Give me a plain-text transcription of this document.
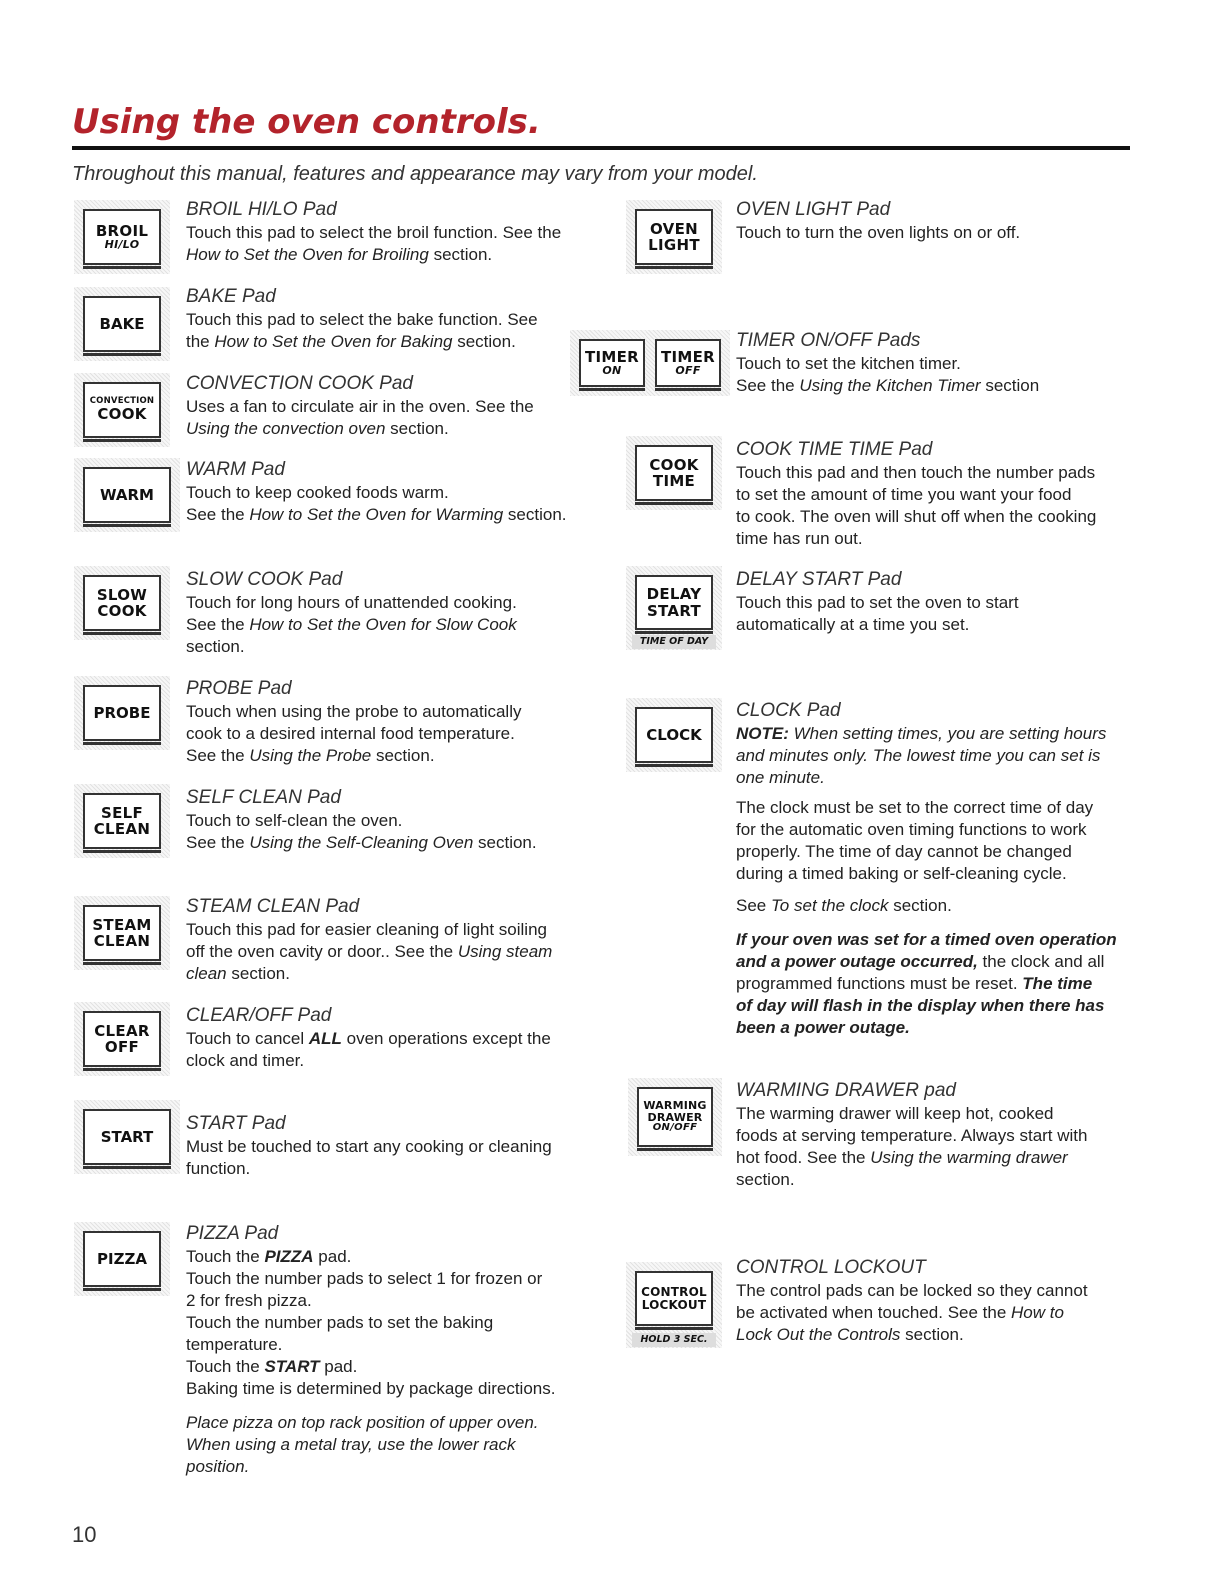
Using the oven controls.
Throughout this manual, features and appearance may vary from your model.
BROIL
HI/LO
BROIL HI/LO Pad

Touch this pad to select the broil function. See the

How to Set the Oven for Broiling section.

BAKE
BAKE Pad

Touch this pad to select the bake function. See

the How to Set the Oven for Baking section.

CONVECTION
COOK
CONVECTION COOK Pad

Uses a fan to circulate air in the oven. See the

Using the convection oven section.

WARM
WARM Pad

Touch to keep cooked foods warm.

See the How to Set the Oven for Warming section.

SLOW
COOK
SLOW COOK Pad

Touch for long hours of unattended cooking.

See the How to Set the Oven for Slow Cook

section.

PROBE
PROBE Pad

Touch when using the probe to automatically

cook to a desired internal food temperature.

See the Using the Probe section.

SELF
CLEAN
SELF CLEAN Pad

Touch to self-clean the oven.

See the Using the Self-Cleaning Oven section.

STEAM
CLEAN
STEAM CLEAN Pad

Touch this pad for easier cleaning of light soiling

off the oven cavity or door.. See the Using steam

clean section.

CLEAR
OFF
CLEAR/OFF Pad

Touch to cancel ALL oven operations except the

clock and timer.

START
START Pad

Must be touched to start any cooking or cleaning

function.

PIZZA
PIZZA Pad

Touch the PIZZA pad.

Touch the number pads to select 1 for frozen or

2 for fresh pizza.

Touch the number pads to set the baking

temperature.

Touch the START pad.

Baking time is determined by package directions.

Place pizza on top rack position of upper oven.

When using a metal tray, use the lower rack

position.

OVEN
LIGHT
OVEN LIGHT Pad

Touch to turn the oven lights on or off.

TIMER
ON
TIMER
OFF
TIMER ON/OFF Pads

Touch to set the kitchen timer.

See the Using the Kitchen Timer section

COOK
TIME
COOK TIME TIME Pad

Touch this pad and then touch the number pads

to set the amount of time you want your food

to cook. The oven will shut off when the cooking

time has run out.

DELAY
START
TIME OF DAY
DELAY START Pad

Touch this pad to set the oven to start

automatically at a time you set.

CLOCK
CLOCK Pad

NOTE: When setting times, you are setting hours

and minutes only. The lowest time you can set is

one minute.

The clock must be set to the correct time of day

for the automatic oven timing functions to work

properly. The time of day cannot be changed

during a timed baking or self-cleaning cycle.

See To set the clock section.

If your oven was set for a timed oven operation

and a power outage occurred, the clock and all

programmed functions must be reset. The time

of day will flash in the display when there has

been a power outage.

WARMING
DRAWER
ON/OFF
WARMING DRAWER pad

The warming drawer will keep hot, cooked

foods at serving temperature. Always start with

hot food. See the Using the warming drawer

section.

CONTROL
LOCKOUT
HOLD 3 SEC.
CONTROL LOCKOUT

The control pads can be locked so they cannot

be activated when touched. See the How to

Lock Out the Controls section.

10
